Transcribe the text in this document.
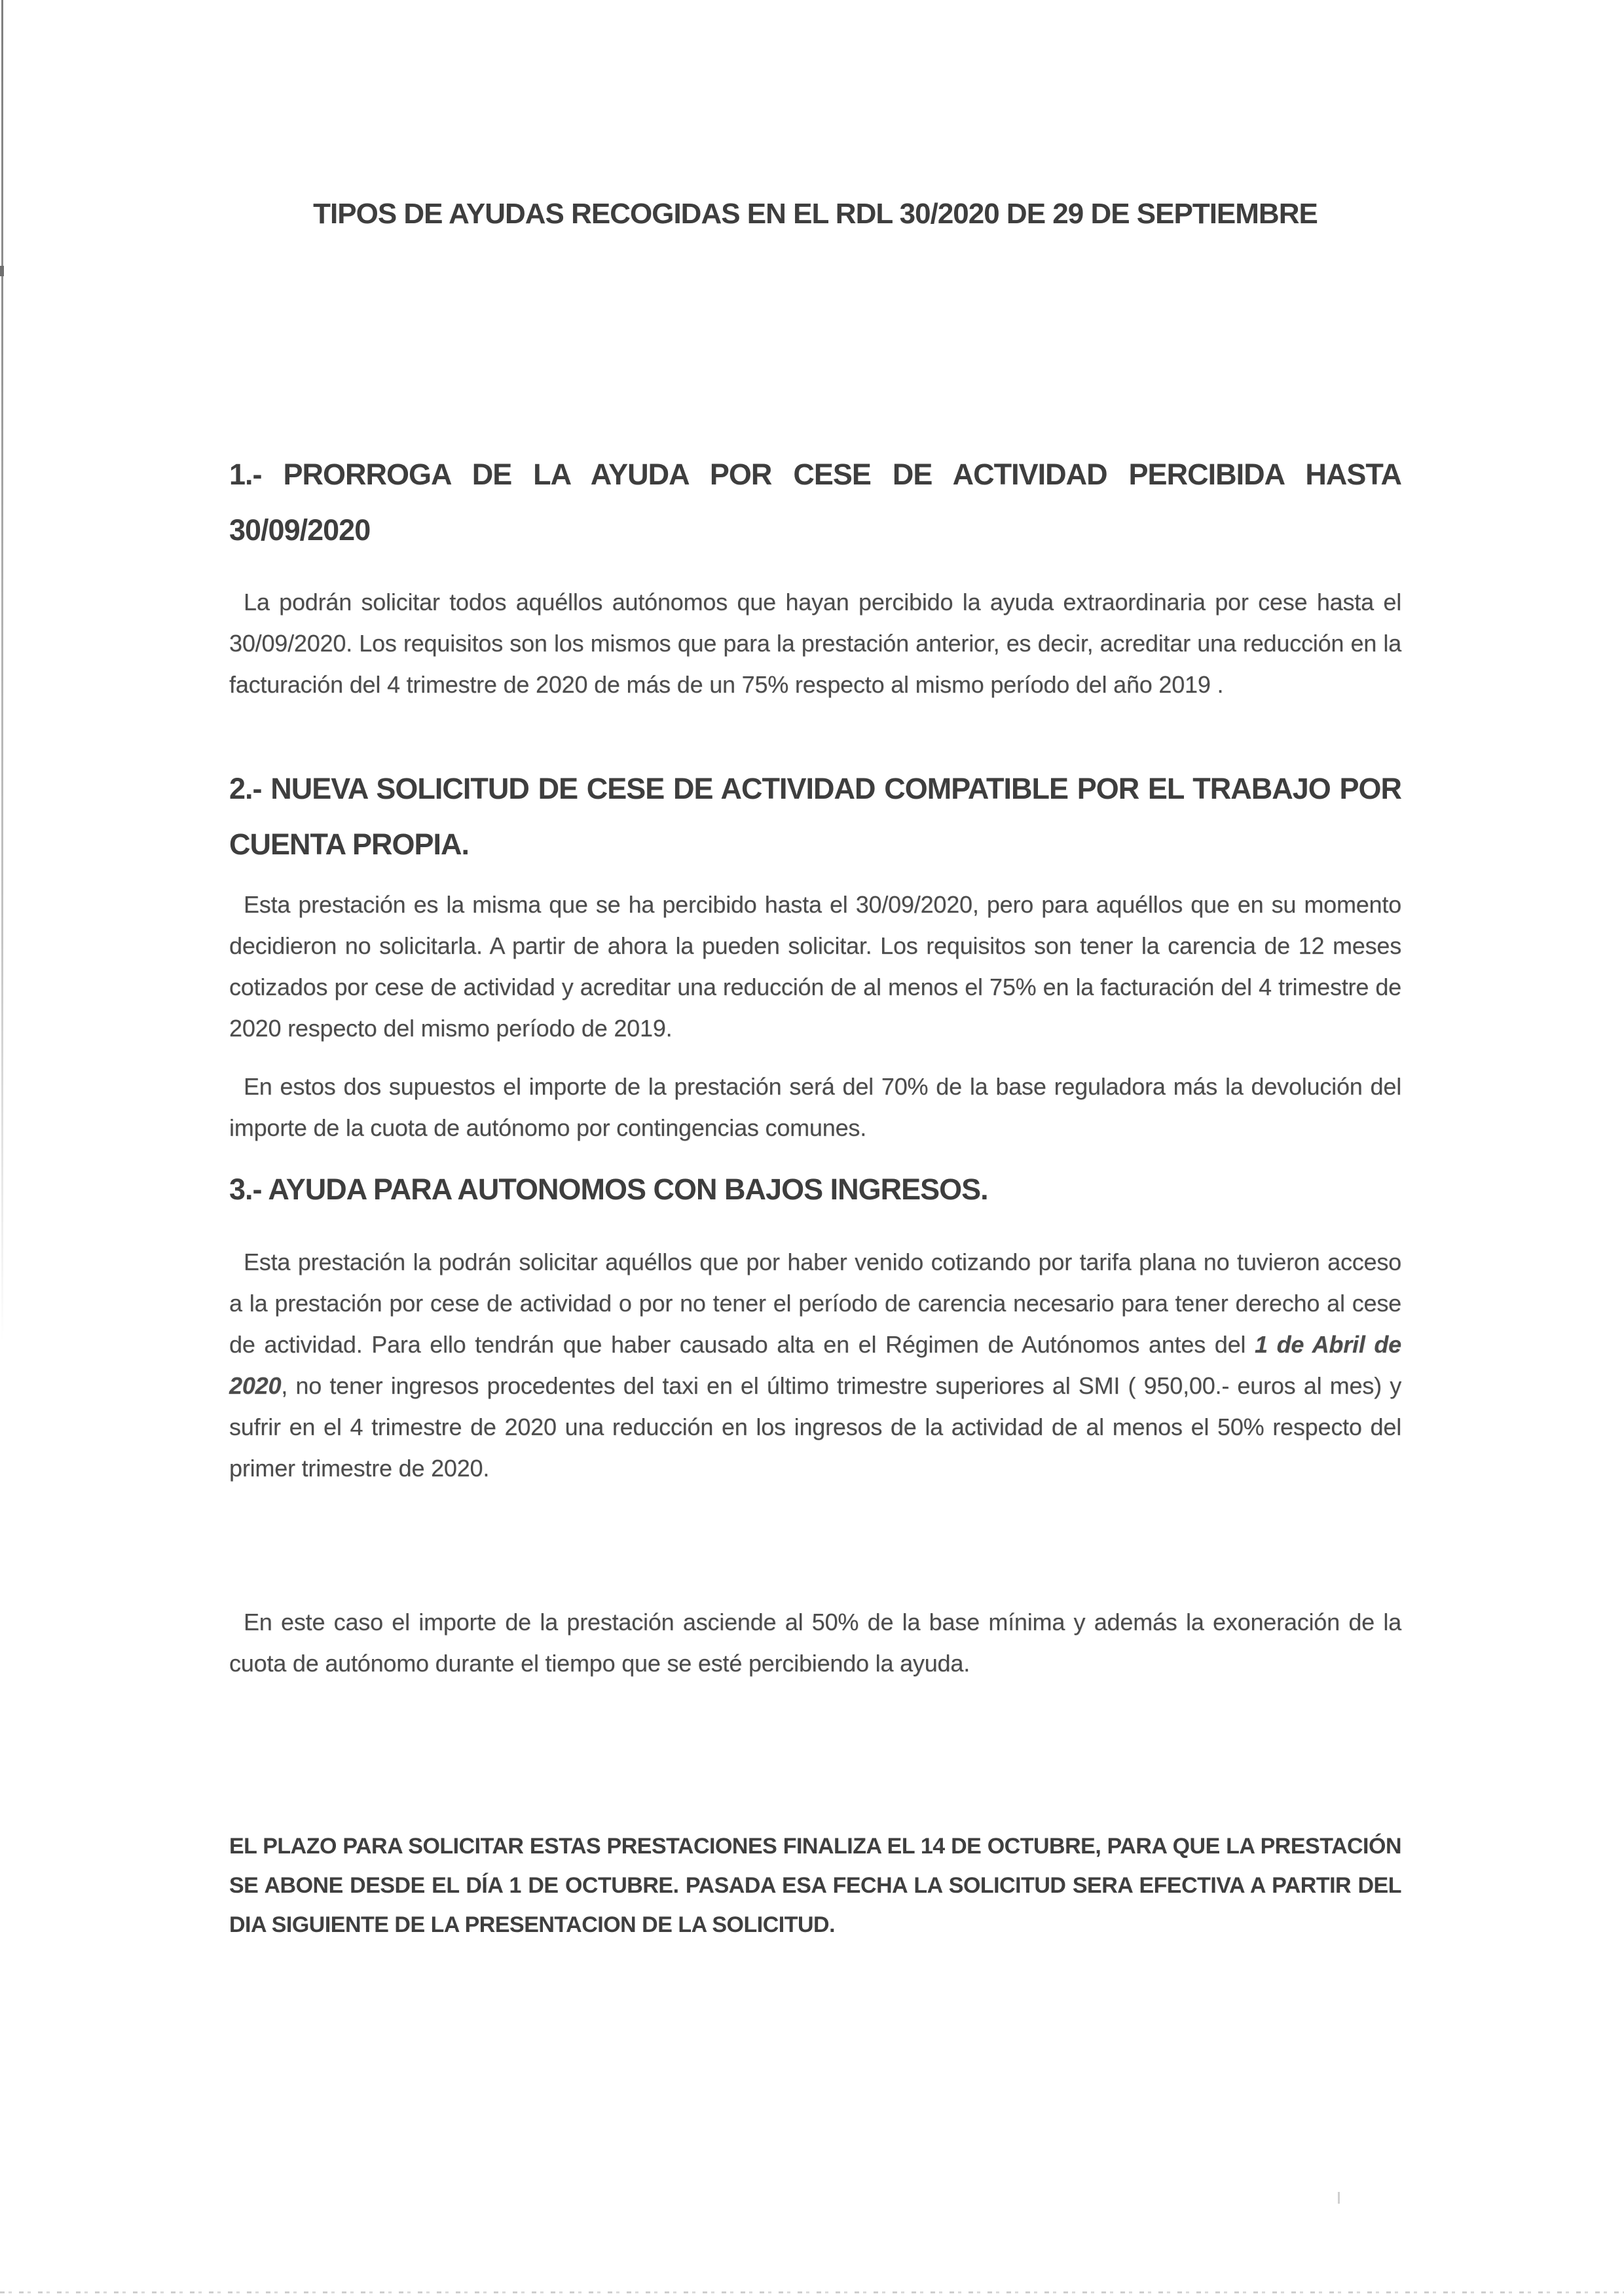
TIPOS DE AYUDAS RECOGIDAS EN EL RDL 30/2020 DE 29 DE SEPTIEMBRE
1.- PRORROGA DE LA AYUDA POR CESE DE ACTIVIDAD PERCIBIDA HASTA 30/09/2020

La podrán solicitar todos aquéllos autónomos que hayan percibido la ayuda extraordinaria por cese hasta el 30/09/2020. Los requisitos son los mismos que para la prestación anterior, es decir, acreditar una reducción en la facturación del 4 trimestre de 2020 de más de un 75% respecto al mismo período del año 2019 .

2.- NUEVA SOLICITUD DE CESE DE ACTIVIDAD COMPATIBLE POR EL TRABAJO POR CUENTA PROPIA.

Esta prestación es la misma que se ha percibido hasta el 30/09/2020, pero para aquéllos que en su momento decidieron no solicitarla. A partir de ahora la pueden solicitar. Los requisitos son tener la carencia de 12 meses cotizados por cese de actividad y acreditar una reducción de al menos el 75% en la facturación del 4 trimestre de 2020 respecto del mismo período de 2019.

En estos dos supuestos el importe de la prestación será del 70% de la base reguladora más la devolución del importe de la cuota de autónomo por contingencias comunes.

3.- AYUDA PARA AUTONOMOS CON BAJOS INGRESOS.

Esta prestación la podrán solicitar aquéllos que por haber venido cotizando por tarifa plana no tuvieron acceso a la prestación por cese de actividad o por no tener el período de carencia necesario para tener derecho al cese de actividad. Para ello tendrán que haber causado alta en el Régimen de Autónomos antes del 1 de Abril de 2020, no tener ingresos procedentes del taxi en el último trimestre superiores al SMI ( 950,00.- euros al mes) y sufrir en el 4 trimestre de 2020 una reducción en los ingresos de la actividad de al menos el 50% respecto del primer trimestre de 2020.

En este caso el importe de la prestación asciende al 50% de la base mínima y además la exoneración de la cuota de autónomo durante el tiempo que se esté percibiendo la ayuda.

EL PLAZO PARA SOLICITAR ESTAS PRESTACIONES FINALIZA EL 14 DE OCTUBRE, PARA QUE LA PRESTACIÓN SE ABONE DESDE EL DÍA 1 DE OCTUBRE. PASADA ESA FECHA LA SOLICITUD SERA EFECTIVA A PARTIR DEL DIA SIGUIENTE DE LA PRESENTACION DE LA SOLICITUD.
